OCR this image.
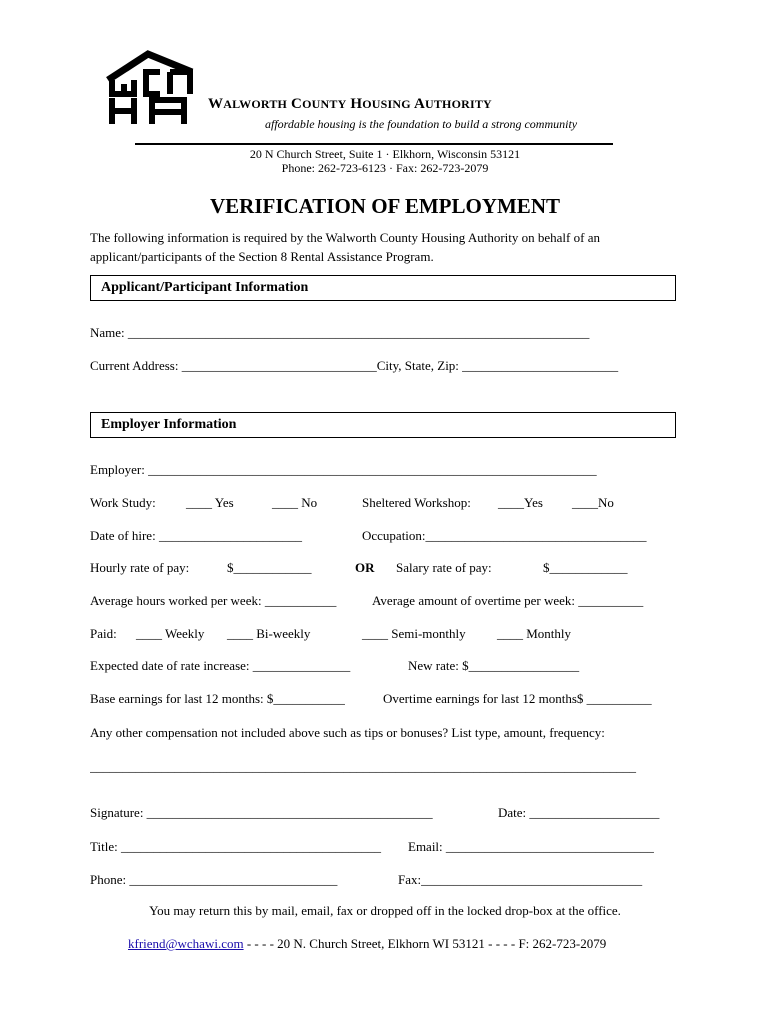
WALWORTH COUNTY HOUSING AUTHORITY
affordable housing is the foundation to build a strong community
20 N Church Street, Suite 1 · Elkhorn, Wisconsin 53121
Phone: 262-723-6123 · Fax: 262-723-2079
VERIFICATION OF EMPLOYMENT
The following information is required by the Walworth County Housing Authority on behalf of an applicant/participants of the Section 8 Rental Assistance Program.
Applicant/Participant Information
Name: _______________________________________________________________________
Current Address: ______________________________City, State, Zip: ________________________
Employer Information
Employer: _____________________________________________________________________
Work Study: ____ Yes	____ No	Sheltered Workshop: ____Yes ____No
Date of hire: ______________________	Occupation:__________________________________
Hourly rate of pay:	$____________	OR Salary rate of pay:	$____________
Average hours worked per week: ___________	Average amount of overtime per week: __________
Paid: ____ Weekly ____ Bi-weekly	____ Semi-monthly ____ Monthly
Expected date of rate increase: _______________	New rate: $_________________
Base earnings for last 12 months: $___________	Overtime earnings for last 12 months$ __________
Any other compensation not included above such as tips or bonuses? List type, amount, frequency:
____________________________________________________________________________________
Signature: ____________________________________________	Date: ____________________
Title: ________________________________________ Email: ________________________________
Phone: ________________________________	Fax:__________________________________
You may return this by mail, email, fax or dropped off in the locked drop-box at the office.
kfriend@wchawi.com - - - - 20 N. Church Street, Elkhorn WI 53121 - - - - F: 262-723-2079
